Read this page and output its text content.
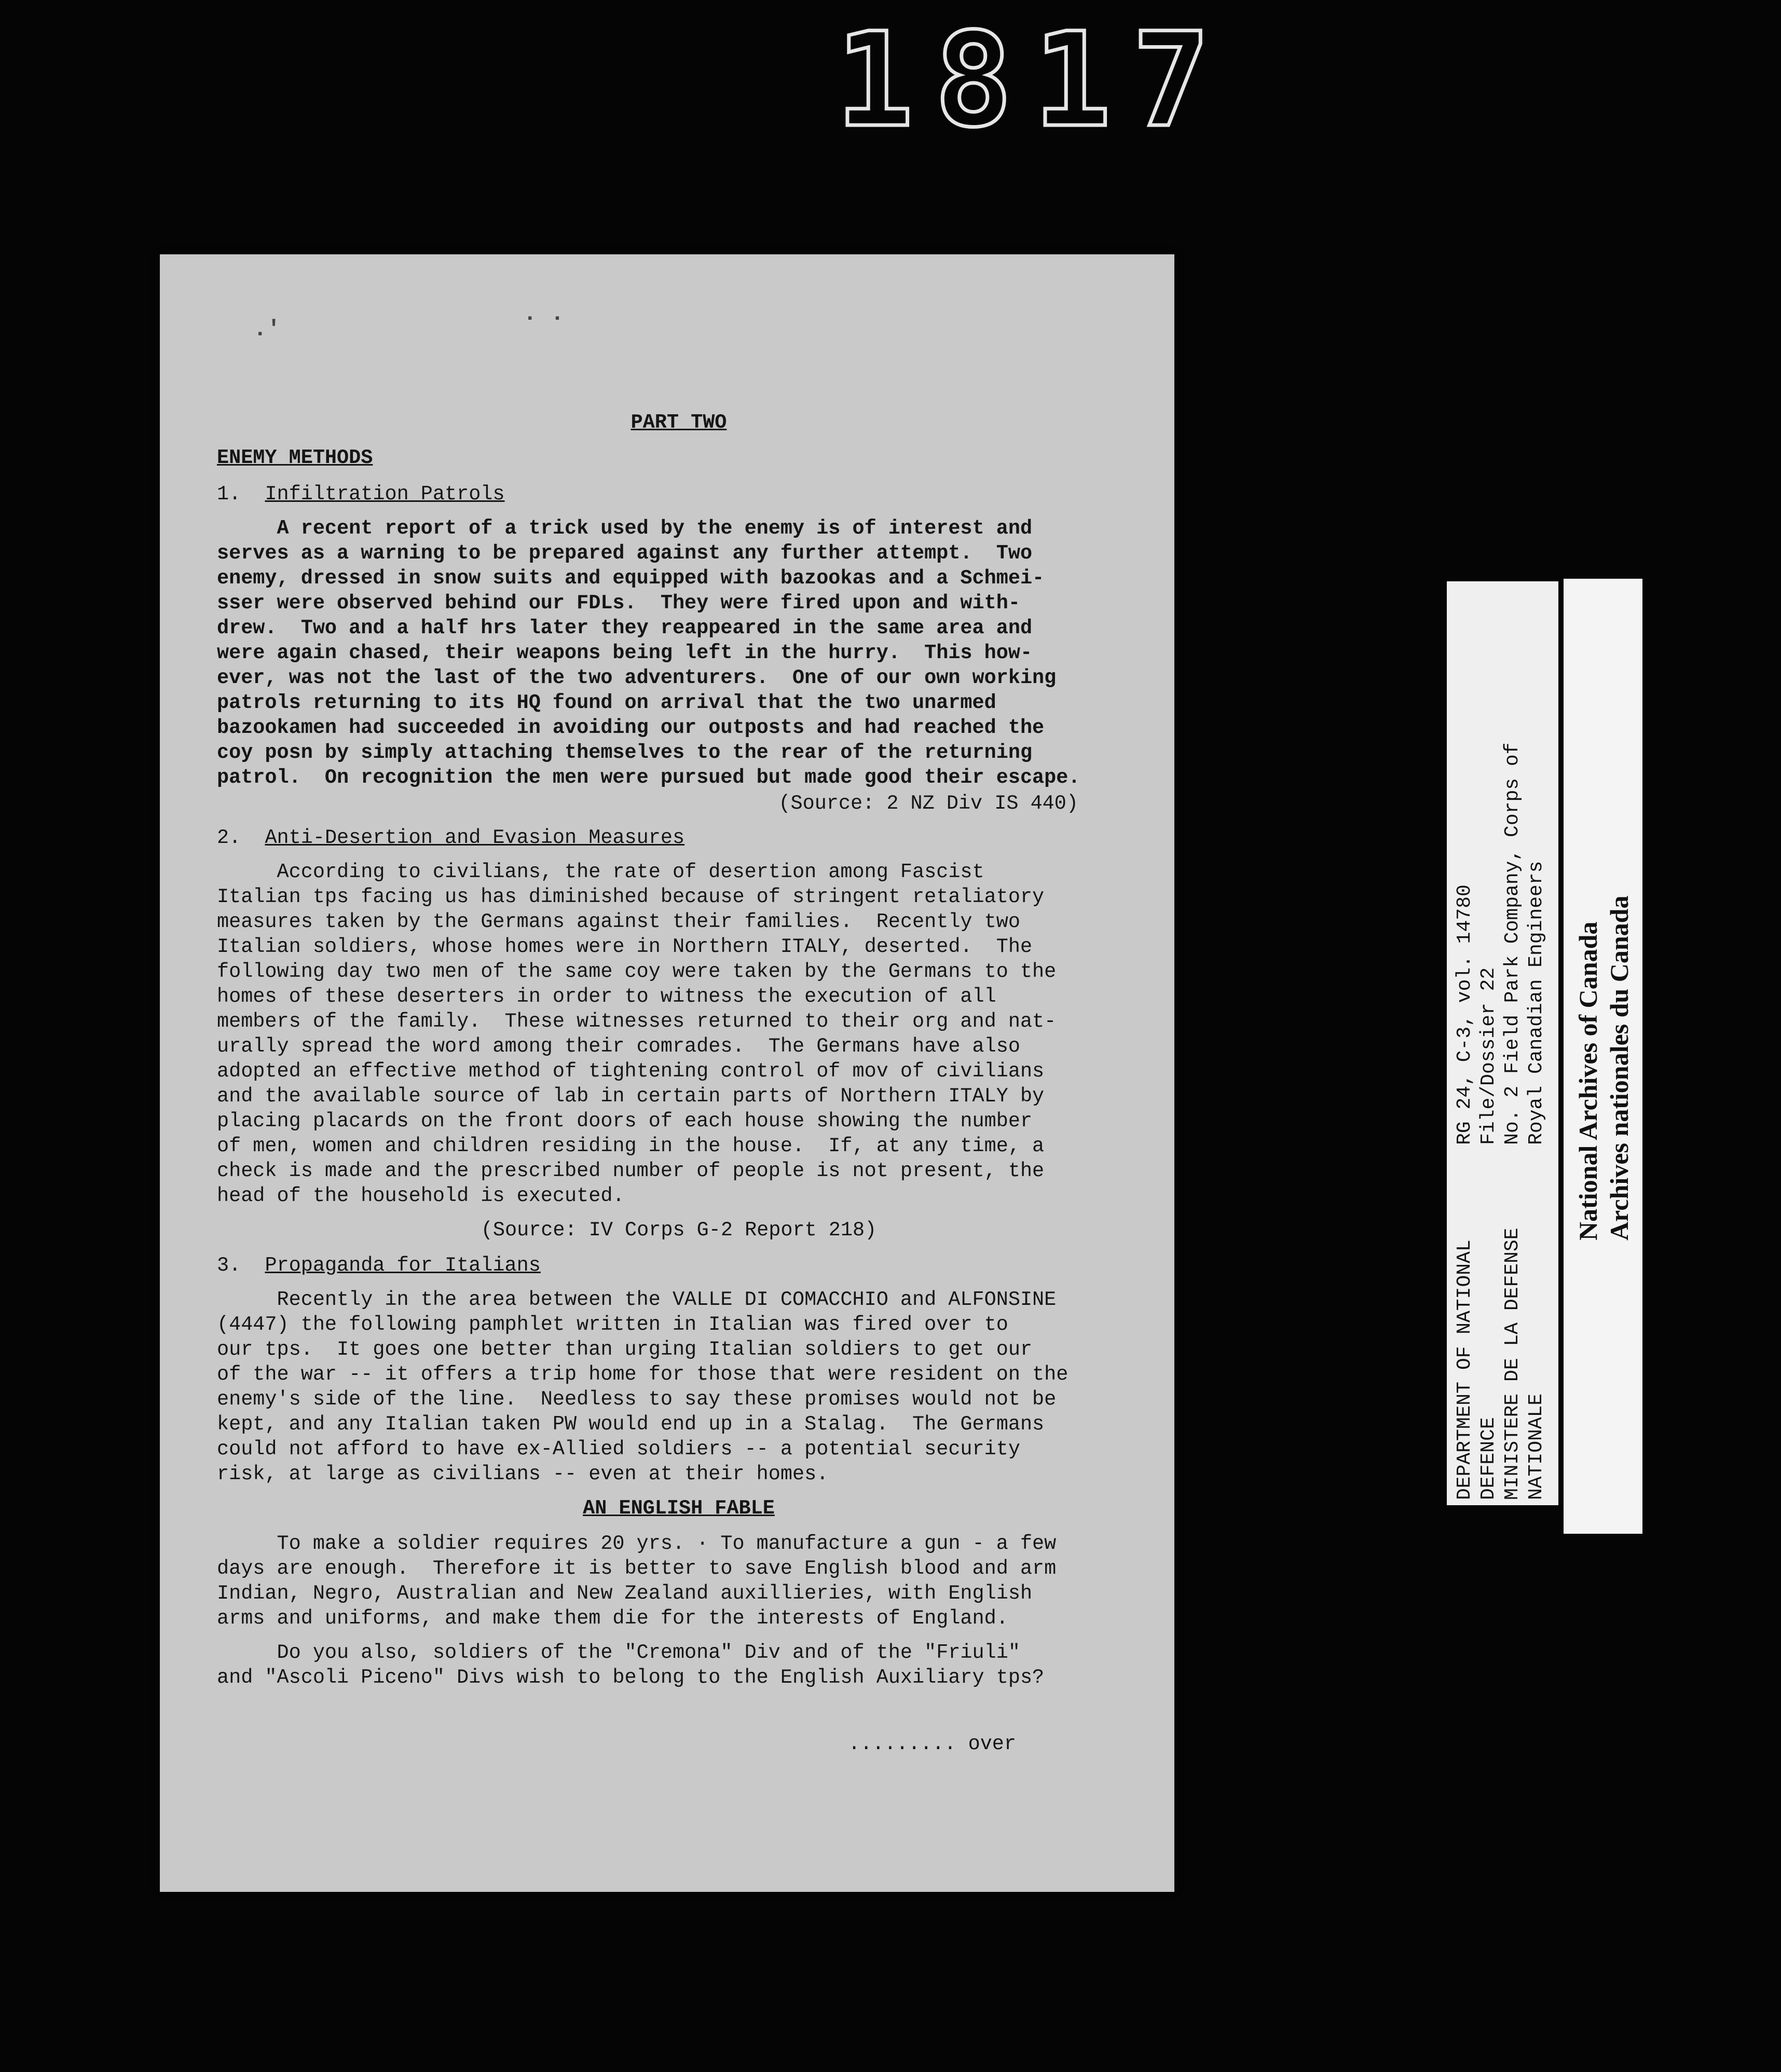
1817
.'
. .
PART TWO
ENEMY METHODS
1. Infiltration Patrols
A recent report of a trick used by the enemy is of interest and
serves as a warning to be prepared against any further attempt.  Two
enemy, dressed in snow suits and equipped with bazookas and a Schmei-
sser were observed behind our FDLs.  They were fired upon and with-
drew.  Two and a half hrs later they reappeared in the same area and
were again chased, their weapons being left in the hurry.  This how-
ever, was not the last of the two adventurers.  One of our own working
patrols returning to its HQ found on arrival that the two unarmed
bazookamen had succeeded in avoiding our outposts and had reached the
coy posn by simply attaching themselves to the rear of the returning
patrol.  On recognition the men were pursued but made good their escape.
(Source: 2 NZ Div IS 440)
2. Anti-Desertion and Evasion Measures
According to civilians, the rate of desertion among Fascist
Italian tps facing us has diminished because of stringent retaliatory
measures taken by the Germans against their families.  Recently two
Italian soldiers, whose homes were in Northern ITALY, deserted.  The
following day two men of the same coy were taken by the Germans to the
homes of these deserters in order to witness the execution of all
members of the family.  These witnesses returned to their org and nat-
urally spread the word among their comrades.  The Germans have also
adopted an effective method of tightening control of mov of civilians
and the available source of lab in certain parts of Northern ITALY by
placing placards on the front doors of each house showing the number
of men, women and children residing in the house.  If, at any time, a
check is made and the prescribed number of people is not present, the
head of the household is executed.
(Source: IV Corps G-2 Report 218)
3. Propaganda for Italians
Recently in the area between the VALLE DI COMACCHIO and ALFONSINE
(4447) the following pamphlet written in Italian was fired over to
our tps.  It goes one better than urging Italian soldiers to get our
of the war -- it offers a trip home for those that were resident on the
enemy's side of the line.  Needless to say these promises would not be
kept, and any Italian taken PW would end up in a Stalag.  The Germans
could not afford to have ex-Allied soldiers -- a potential security
risk, at large as civilians -- even at their homes.
AN ENGLISH FABLE
To make a soldier requires 20 yrs. · To manufacture a gun - a few
days are enough.  Therefore it is better to save English blood and arm
Indian, Negro, Australian and New Zealand auxillieries, with English
arms and uniforms, and make them die for the interests of England.
Do you also, soldiers of the "Cremona" Div and of the "Friuli"
and "Ascoli Piceno" Divs wish to belong to the English Auxiliary tps?
......... over
DEPARTMENT OF NATIONAL        RG 24, C-3, vol. 14780
DEFENCE                       File/Dossier 22
MINISTERE DE LA DEFENSE       No. 2 Field Park Company, Corps of
NATIONALE                     Royal Canadian Engineers National Archives of Canada
Archives nationales du Canada
